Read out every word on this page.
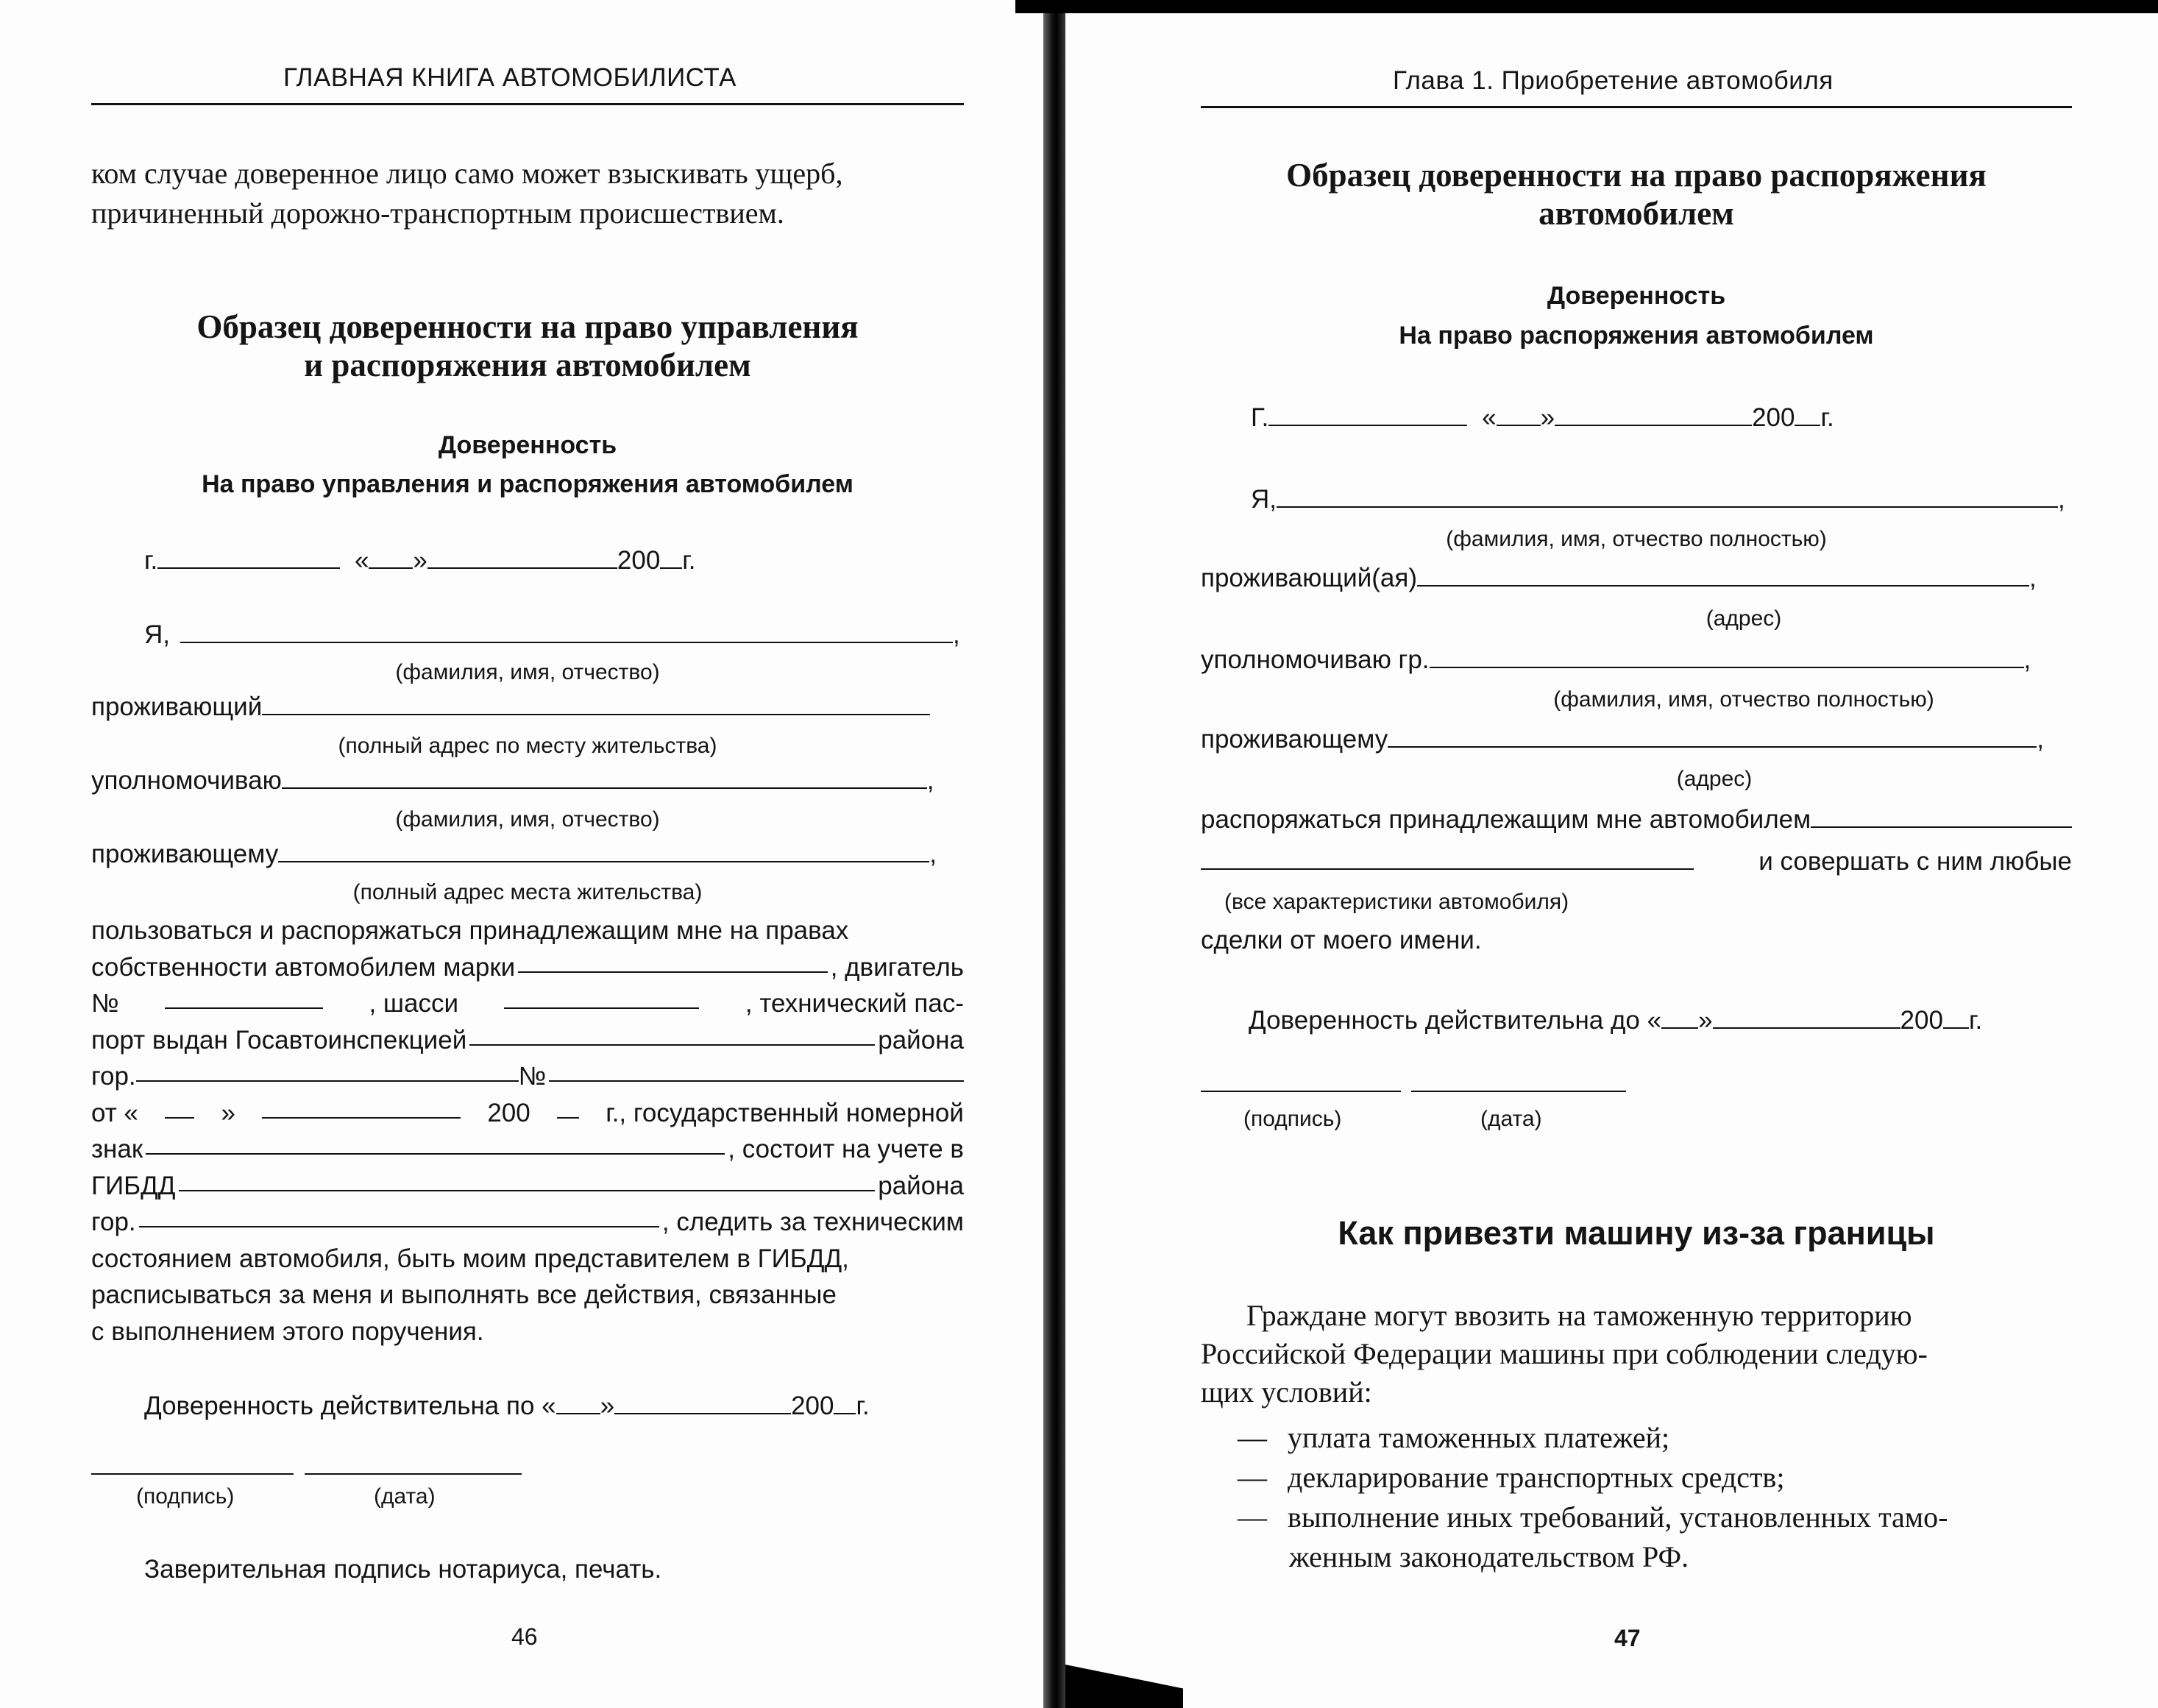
ГЛАВНАЯ КНИГА АВТОМОБИЛИСТА
ком случае доверенное лицо само может взыскивать ущерб,
причиненный дорожно-транспортным происшествием.
Образец доверенности на право управления
и распоряжения автомобилем
Доверенность
На право управления и распоряжения автомобилем
г.	« »	200 г.
Я,	,
(фамилия, имя, отчество)
проживающий
(полный адрес по месту жительства)
уполномочиваю	,
(фамилия, имя, отчество)
проживающему	,
(полный адрес места жительства)
пользоваться и распоряжаться принадлежащим мне на правах
собственности автомобилем марки	, двигатель
№	, шасси	, технический пас-
порт выдан Госавтоинспекцией	района
гор.	№
от «	»	200	г., государственный номерной
знак	, состоит на учете в
ГИБДД	района
гор.	, следить за техническим
состоянием автомобиля, быть моим представителем в ГИБДД,
расписываться за меня и выполнять все действия, связанные
с выполнением этого поручения.
Доверенность действительна по « »	200 г.
(подпись)	(дата)
Заверительная подпись нотариуса, печать.
46
Глава 1. Приобретение автомобиля
Образец доверенности на право распоряжения
автомобилем
Доверенность
На право распоряжения автомобилем
Г.	« »	200 г.
Я,	,
(фамилия, имя, отчество полностью)
проживающий(ая)	,
(адрес)
уполномочиваю гр.	,
(фамилия, имя, отчество полностью)
проживающему	,
(адрес)
распоряжаться принадлежащим мне автомобилем
и совершать с ним любые
(все характеристики автомобиля)
сделки от моего имени.
Доверенность действительна до « »	200 г.
(подпись)	(дата)
Как привезти машину из-за границы
Граждане могут ввозить на таможенную территорию
Российской Федерации машины при соблюдении следую-
щих условий:
— уплата таможенных платежей;
— декларирование транспортных средств;
— выполнение иных требований, установленных тамо-
женным законодательством РФ.
47
